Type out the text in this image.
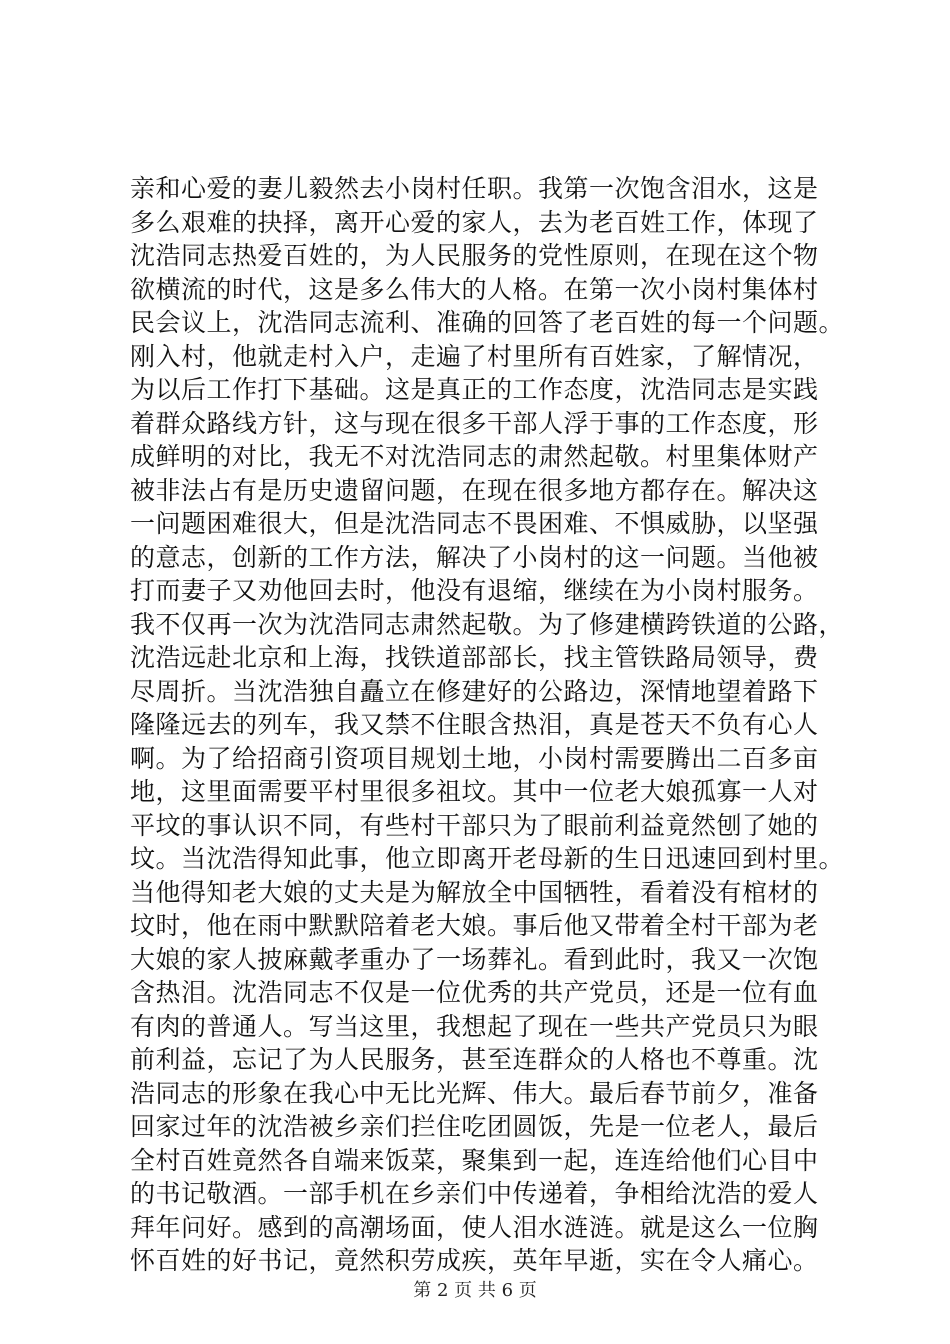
亲和心爱的妻儿毅然去小岗村任职。我第一次饱含泪水，这是
多么艰难的抉择，离开心爱的家人，去为老百姓工作，体现了
沈浩同志热爱百姓的，为人民服务的党性原则，在现在这个物
欲横流的时代，这是多么伟大的人格。在第一次小岗村集体村
民会议上，沈浩同志流利、准确的回答了老百姓的每一个问题。
刚入村，他就走村入户，走遍了村里所有百姓家，了解情况，
为以后工作打下基础。这是真正的工作态度，沈浩同志是实践
着群众路线方针，这与现在很多干部人浮于事的工作态度，形
成鲜明的对比，我无不对沈浩同志的肃然起敬。村里集体财产
被非法占有是历史遗留问题，在现在很多地方都存在。解决这
一问题困难很大，但是沈浩同志不畏困难、不惧威胁，以坚强
的意志，创新的工作方法，解决了小岗村的这一问题。当他被
打而妻子又劝他回去时，他没有退缩，继续在为小岗村服务。
我不仅再一次为沈浩同志肃然起敬。为了修建横跨铁道的公路，
沈浩远赴北京和上海，找铁道部部长，找主管铁路局领导，费
尽周折。当沈浩独自矗立在修建好的公路边，深情地望着路下
隆隆远去的列车，我又禁不住眼含热泪，真是苍天不负有心人
啊。为了给招商引资项目规划土地，小岗村需要腾出二百多亩
地，这里面需要平村里很多祖坟。其中一位老大娘孤寡一人对
平坟的事认识不同，有些村干部只为了眼前利益竟然刨了她的
坟。当沈浩得知此事，他立即离开老母新的生日迅速回到村里。
当他得知老大娘的丈夫是为解放全中国牺牲，看着没有棺材的
坟时，他在雨中默默陪着老大娘。事后他又带着全村干部为老
大娘的家人披麻戴孝重办了一场葬礼。看到此时，我又一次饱
含热泪。沈浩同志不仅是一位优秀的共产党员，还是一位有血
有肉的普通人。写当这里，我想起了现在一些共产党员只为眼
前利益，忘记了为人民服务，甚至连群众的人格也不尊重。沈
浩同志的形象在我心中无比光辉、伟大。最后春节前夕，准备
回家过年的沈浩被乡亲们拦住吃团圆饭，先是一位老人，最后
全村百姓竟然各自端来饭菜，聚集到一起，连连给他们心目中
的书记敬酒。一部手机在乡亲们中传递着，争相给沈浩的爱人
拜年问好。感到的高潮场面，使人泪水涟涟。就是这么一位胸
怀百姓的好书记，竟然积劳成疾，英年早逝，实在令人痛心。
第 2 页 共 6 页
